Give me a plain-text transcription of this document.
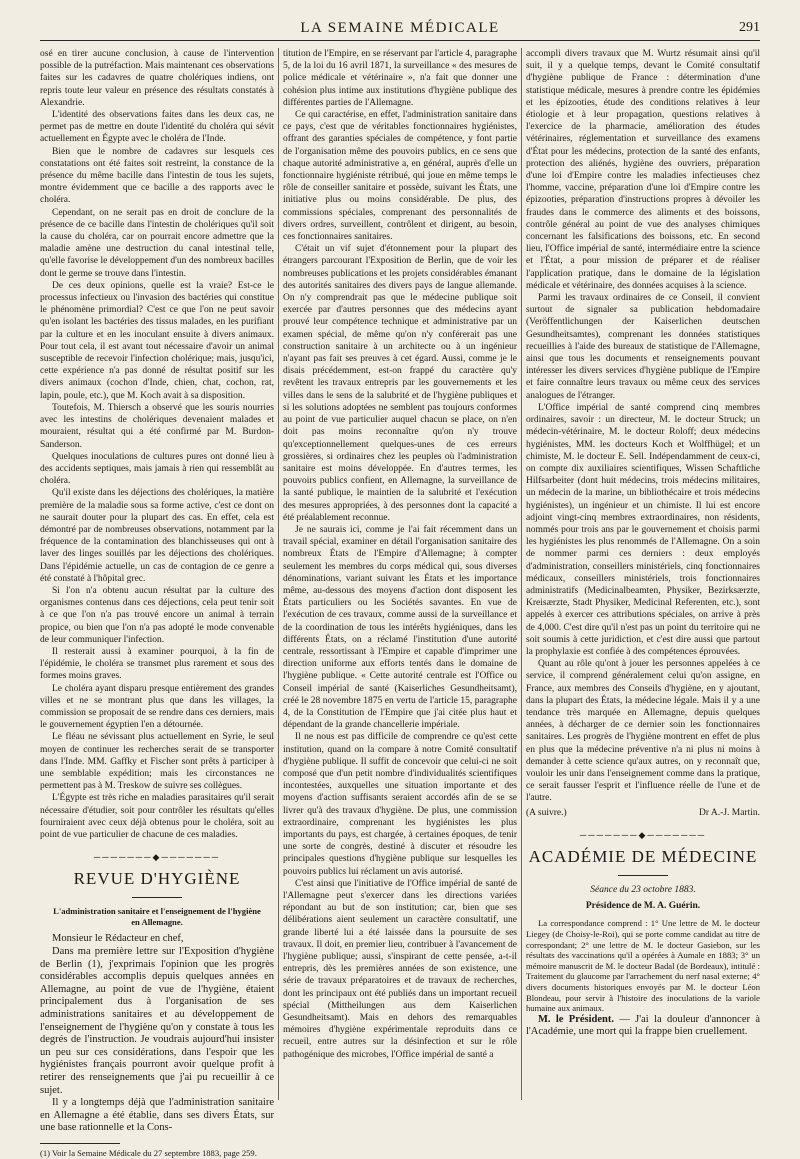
LA SEMAINE MÉDICALE	291

osé en tirer aucune conclusion, à cause de l'intervention possible de la putréfaction. Mais maintenant ces observations faites sur les cadavres de quatre cholériques indiens, ont repris toute leur valeur en présence des résultats constatés à Alexandrie.

L'identité des observations faites dans les deux cas, ne permet pas de mettre en doute l'identité du choléra qui sévit actuellement en Égypte avec le choléra de l'Inde.

Bien que le nombre de cadavres sur lesquels ces constatations ont été faites soit restreint, la constance de la présence du même bacille dans l'intestin de tous les sujets, montre évidemment que ce bacille a des rapports avec le choléra.

Cependant, on ne serait pas en droit de conclure de la présence de ce bacille dans l'intestin de cholériques qu'il soit la cause du choléra, car on pourrait encore admettre que la maladie amène une destruction du canal intestinal telle, qu'elle favorise le développement d'un des nombreux bacilles dont le germe se trouve dans l'intestin.

De ces deux opinions, quelle est la vraie? Est-ce le processus infectieux ou l'invasion des bactéries qui constitue le phénomène primordial? C'est ce que l'on ne peut savoir qu'en isolant les bactéries des tissus malades, en les purifiant par la culture et en les inoculant ensuite à divers animaux. Pour tout cela, il est avant tout nécessaire d'avoir un animal susceptible de recevoir l'infection cholérique; mais, jusqu'ici, cette expérience n'a pas donné de résultat positif sur les divers animaux (cochon d'Inde, chien, chat, cochon, rat, lapin, poule, etc.), que M. Koch avait à sa disposition.

Toutefois, M. Thiersch a observé que les souris nourries avec les intestins de cholériques devenaient malades et mouraient, résultat qui a été confirmé par M. Burdon-Sanderson.

Quelques inoculations de cultures pures ont donné lieu à des accidents septiques, mais jamais à rien qui ressemblât au choléra.

Qu'il existe dans les déjections des cholériques, la matière première de la maladie sous sa forme active, c'est ce dont on ne saurait douter pour la plupart des cas. En effet, cela est démontré par de nombreuses observations, notamment par la fréquence de la contamination des blanchisseuses qui ont à laver des linges souillés par les déjections des cholériques. Dans l'épidémie actuelle, un cas de contagion de ce genre a été constaté à l'hôpital grec.

Si l'on n'a obtenu aucun résultat par la culture des organismes contenus dans ces déjections, cela peut tenir soit à ce que l'on n'a pas trouvé encore un animal à terrain propice, ou bien que l'on n'a pas adopté le mode convenable de leur communiquer l'infection.

Il resterait aussi à examiner pourquoi, à la fin de l'épidémie, le choléra se transmet plus rarement et sous des formes moins graves.

Le choléra ayant disparu presque entièrement des grandes villes et ne se montrant plus que dans les villages, la commission se proposait de se rendre dans ces derniers, mais le gouvernement égyptien l'en a détournée.

Le fléau ne sévissant plus actuellement en Syrie, le seul moyen de continuer les recherches serait de se transporter dans l'Inde. MM. Gaffky et Fischer sont prêts à participer à une semblable expédition; mais les circonstances ne permettent pas à M. Treskow de suivre ses collègues.

L'Égypte est très riche en maladies parasitaires qu'il serait nécessaire d'étudier, soit pour contrôler les résultats qu'elles fourniraient avec ceux déjà obtenus pour le choléra, soit au point de vue particulier de chacune de ces maladies.

───────◆───────
REVUE D'HYGIÈNE
L'administration sanitaire et l'enseignement de l'hygiène en Allemagne.

Monsieur le Rédacteur en chef,

Dans ma première lettre sur l'Exposition d'hygiène de Berlin (1), j'exprimais l'opinion que les progrès considérables accomplis depuis quelques années en Allemagne, au point de vue de l'hygiène, étaient principalement dus à l'organisation de ses administrations sanitaires et au développement de l'enseignement de l'hygiène qu'on y constate à tous les degrés de l'instruction. Je voudrais aujourd'hui insister un peu sur ces considérations, dans l'espoir que les hygiénistes français pourront avoir quelque profit à retirer des renseignements que j'ai pu recueillir à ce sujet.

Il y a longtemps déjà que l'administration sanitaire en Allemagne a été établie, dans ses divers États, sur une base rationnelle et la Cons-

(1) Voir la Semaine Médicale du 27 septembre 1883, page 259.

titution de l'Empire, en se réservant par l'article 4, paragraphe 5, de la loi du 16 avril 1871, la surveillance « des mesures de police médicale et vétérinaire », n'a fait que donner une cohésion plus intime aux institutions d'hygiène publique des différentes parties de l'Allemagne.

Ce qui caractérise, en effet, l'administration sanitaire dans ce pays, c'est que de véritables fonctionnaires hygiénistes, offrant des garanties spéciales de compétence, y font partie de l'organisation même des pouvoirs publics, en ce sens que chaque autorité administrative a, en général, auprès d'elle un fonctionnaire hygiéniste rétribué, qui joue en même temps le rôle de conseiller sanitaire et possède, suivant les États, une initiative plus ou moins considérable. De plus, des commissions spéciales, comprenant des personnalités de divers ordres, surveillent, contrôlent et dirigent, au besoin, ces fonctionnaires sanitaires.

C'était un vif sujet d'étonnement pour la plupart des étrangers parcourant l'Exposition de Berlin, que de voir les nombreuses publications et les projets considérables émanant des autorités sanitaires des divers pays de langue allemande. On n'y comprendrait pas que le médecine publique soit exercée par d'autres personnes que des médecins ayant prouvé leur compétence technique et administrative par un examen spécial, de même qu'on n'y conférerait pas une construction sanitaire à un architecte ou à un ingénieur n'ayant pas fait ses preuves à cet égard. Aussi, comme je le disais précédemment, est-on frappé du caractère qu'y revêtent les travaux entrepris par les gouvernements et les villes dans le sens de la salubrité et de l'hygiène publiques et si les solutions adoptées ne semblent pas toujours conformes au point de vue particulier auquel chacun se place, on n'en doit pas moins reconnaître qu'on n'y trouve qu'exceptionnellement quelques-unes de ces erreurs grossières, si ordinaires chez les peuples où l'administration sanitaire est moins développée. En d'autres termes, les pouvoirs publics confient, en Allemagne, la surveillance de la santé publique, le maintien de la salubrité et l'exécution des mesures appropriées, à des personnes dont la capacité a été préalablement reconnue.

Je ne saurais ici, comme je l'ai fait récemment dans un travail spécial, examiner en détail l'organisation sanitaire des nombreux États de l'Empire d'Allemagne; à compter seulement les membres du corps médical qui, sous diverses dénominations, variant suivant les États et les importance même, au-dessous des moyens d'action dont disposent les États particuliers ou les Sociétés savantes. En vue de l'exécution de ces travaux, comme aussi de la surveillance et de la coordination de tous les intérêts hygiéniques, dans les différents États, on a réclamé l'institution d'une autorité centrale, ressortissant à l'Empire et capable d'imprimer une direction uniforme aux efforts tentés dans le domaine de l'hygiène publique. « Cette autorité centrale est l'Office ou Conseil impérial de santé (Kaiserliches Gesundheitsamt), créé le 28 novembre 1875 en vertu de l'article 15, paragraphe 4, de la Constitution de l'Empire que j'ai citée plus haut et dépendant de la grande chancellerie impériale.

Il ne nous est pas difficile de comprendre ce qu'est cette institution, quand on la compare à notre Comité consultatif d'hygiène publique. Il suffit de concevoir que celui-ci ne soit composé que d'un petit nombre d'individualités scientifiques incontestées, auxquelles une situation importante et des moyens d'action suffisants seraient accordés afin de se se livrer qu'à des travaux d'hygiène. De plus, une commission extraordinaire, comprenant les hygiénistes les plus importants du pays, est chargée, à certaines époques, de tenir une sorte de congrès, destiné à discuter et résoudre les principales questions d'hygiène publique sur lesquelles les pouvoirs publics lui réclament un avis autorisé.

C'est ainsi que l'initiative de l'Office impérial de santé de l'Allemagne peut s'exercer dans les directions variées répondant au but de son institution; car, bien que ses délibérations aient seulement un caractère consultatif, une grande liberté lui a été laissée dans la poursuite de ses travaux. Il doit, en premier lieu, contribuer à l'avancement de l'hygiène publique; aussi, s'inspirant de cette pensée, a-t-il entrepris, dès les premières années de son existence, une série de travaux préparatoires et de travaux de recherches, dont les principaux ont été publiés dans un important recueil spécial (Mittheilungen aus dem Kaiserlichen Gesundheitsamt). Mais en dehors des remarquables mémoires d'hygiène expérimentale reproduits dans ce recueil, entre autres sur la désinfection et sur le rôle pathogénique des microbes, l'Office impérial de santé a

accompli divers travaux que M. Wurtz résumait ainsi qu'il suit, il y a quelque temps, devant le Comité consultatif d'hygiène publique de France : détermination d'une statistique médicale, mesures à prendre contre les épidémies et les épizooties, étude des conditions relatives à leur étiologie et à leur propagation, questions relatives à l'exercice de la pharmacie, amélioration des études vétérinaires, réglementation et surveillance des examens d'État pour les médecins, protection de la santé des enfants, protection des aliénés, hygiène des ouvriers, préparation d'une loi d'Empire contre les maladies infectieuses chez l'homme, vaccine, préparation d'une loi d'Empire contre les épizooties, préparation d'instructions propres à dévoiler les fraudes dans le commerce des aliments et des boissons, contrôle général au point de vue des analyses chimiques concernant les falsifications des boissons, etc. En second lieu, l'Office impérial de santé, intermédiaire entre la science et l'État, a pour mission de préparer et de réaliser l'application pratique, dans le domaine de la législation médicale et vétérinaire, des données acquises à la science.

Parmi les travaux ordinaires de ce Conseil, il convient surtout de signaler sa publication hebdomadaire (Veröffentlichungen der Kaiserlichen deutschen Gesundheitsamtes), comprenant les données statistiques recueillies à l'aide des bureaux de statistique de l'Allemagne, ainsi que tous les documents et renseignements pouvant intéresser les divers services d'hygiène publique de l'Empire et faire connaître leurs travaux ou même ceux des services analogues de l'étranger.

L'Office impérial de santé comprend cinq membres ordinaires, savoir : un directeur, M. le docteur Struck; un médecin-vétérinaire, M. le docteur Roloff; deux médecins hygiénistes, MM. les docteurs Koch et Wolffhügel; et un chimiste, M. le docteur E. Sell. Indépendamment de ceux-ci, on compte dix auxiliaires scientifiques, Wissen Schaftliche Hilfsarbeiter (dont huit médecins, trois médecins militaires, un médecin de la marine, un bibliothécaire et trois médecins hygiénistes), un ingénieur et un chimiste. Il lui est encore adjoint vingt-cinq membres extraordinaires, non résidents, nommés pour trois ans par le gouvernement et choisis parmi les hygiénistes les plus renommés de l'Allemagne. On a soin de nommer parmi ces derniers : deux employés d'administration, conseillers ministériels, cinq fonctionnaires médicaux, conseillers ministériels, trois fonctionnaires administratifs (Medicinalbeamten, Physiker, Bezirksærzte, Kreisærzte, Stadt Physiker, Medicinal Referenten, etc.), sont appelés à exercer ces attributions spéciales, on arrive à près de 4,000. C'est dire qu'il n'est pas un point du territoire qui ne soit soumis à cette juridiction, et c'est dire aussi que partout la prophylaxie est confiée à des compétences éprouvées.

Quant au rôle qu'ont à jouer les personnes appelées à ce service, il comprend généralement celui qu'on assigne, en France, aux membres des Conseils d'hygiène, en y ajoutant, dans la plupart des États, la médecine légale. Mais il y a une tendance très marquée en Allemagne, depuis quelques années, à décharger de ce dernier soin les fonctionnaires sanitaires. Les progrès de l'hygiène montrent en effet de plus en plus que la médecine préventive n'a ni plus ni moins à demander à cette science qu'aux autres, on y reconnaît que, vouloir les unir dans l'enseignement comme dans la pratique, ce serait fausser l'esprit et l'influence réelle de l'une et de l'autre.

(A suivre.)	Dr A.-J. Martin.
───────◆───────
ACADÉMIE DE MÉDECINE
Séance du 23 octobre 1883.
Présidence de M. A. Guérin.

La correspondance comprend : 1° Une lettre de M. le docteur Liegey (de Choisy-le-Roi), qui se porte comme candidat au titre de correspondant; 2° une lettre de M. le docteur Gasiebon, sur les résultats des vaccinations qu'il a opérées à Aumale en 1883; 3° un mémoire manuscrit de M. le docteur Badal (de Bordeaux), intitulé : Traitement du glaucome par l'arrachement du nerf nasal externe; 4° divers documents historiques envoyés par M. le docteur Léon Blondeau, pour servir à l'histoire des inoculations de la variole humaine aux animaux.

M. le Président. — J'ai la douleur d'annoncer à l'Académie, une mort qui la frappe bien cruellement.
